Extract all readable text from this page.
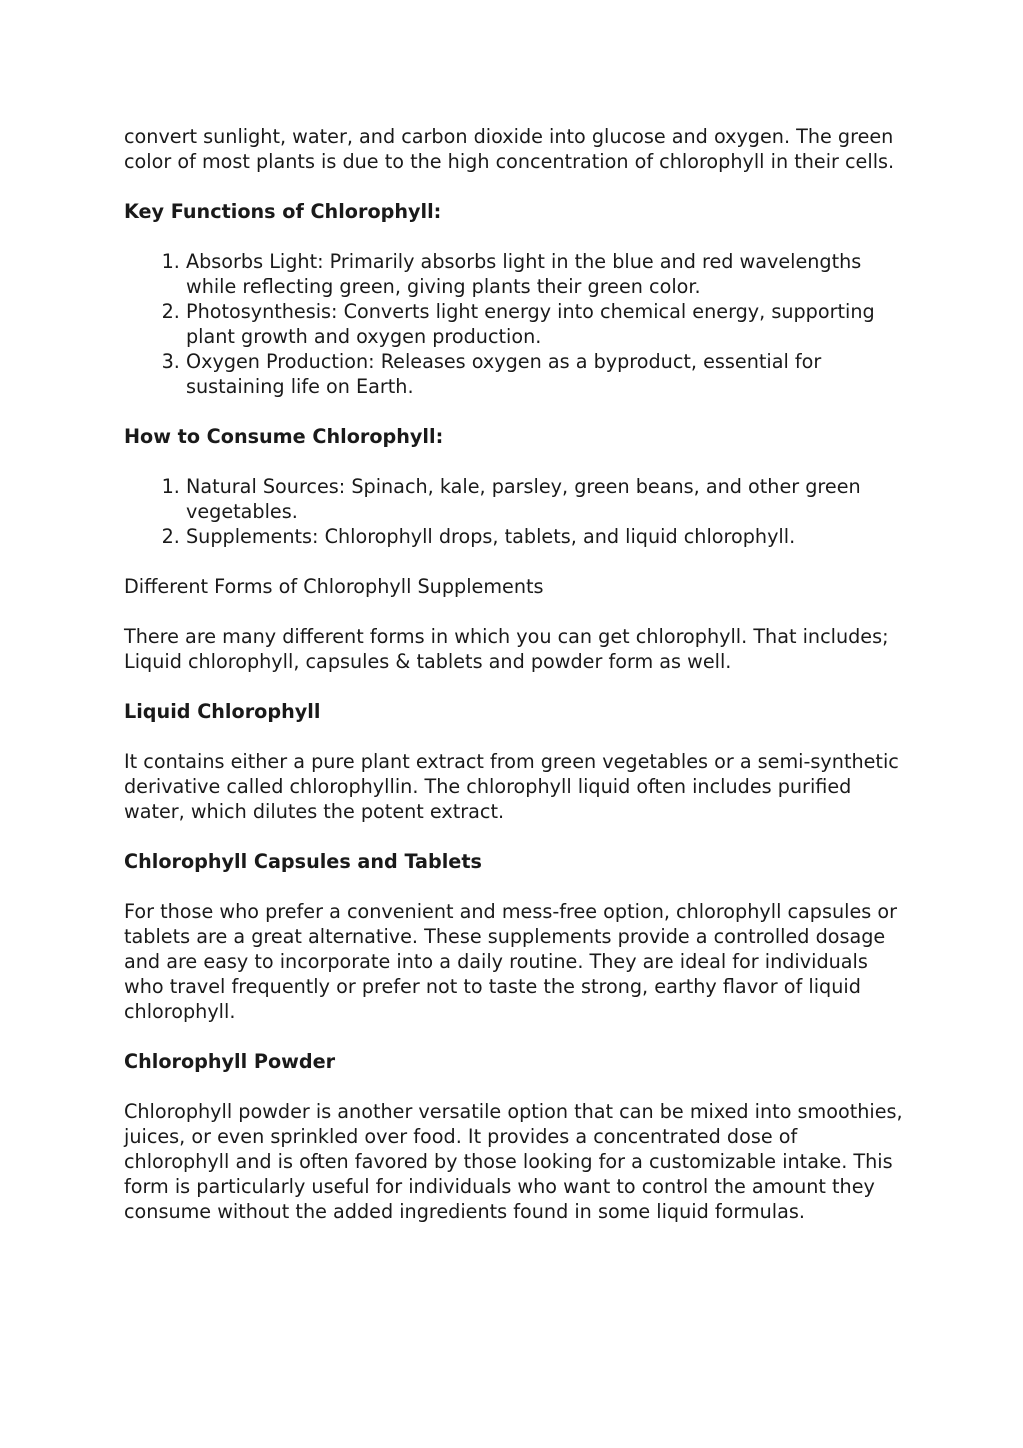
convert sunlight, water, and carbon dioxide into glucose and oxygen. The green color of most plants is due to the high concentration of chlorophyll in their cells.

Key Functions of Chlorophyll:
1. Absorbs Light: Primarily absorbs light in the blue and red wavelengths while reflecting green, giving plants their green color.
2. Photosynthesis: Converts light energy into chemical energy, supporting plant growth and oxygen production.
3. Oxygen Production: Releases oxygen as a byproduct, essential for sustaining life on Earth.
How to Consume Chlorophyll:
1. Natural Sources: Spinach, kale, parsley, green beans, and other green vegetables.
2. Supplements: Chlorophyll drops, tablets, and liquid chlorophyll.

Different Forms of Chlorophyll Supplements

There are many different forms in which you can get chlorophyll. That includes; Liquid chlorophyll, capsules & tablets and powder form as well.

Liquid Chlorophyll

It contains either a pure plant extract from green vegetables or a semi-synthetic derivative called chlorophyllin. The chlorophyll liquid often includes purified water, which dilutes the potent extract.

Chlorophyll Capsules and Tablets

For those who prefer a convenient and mess-free option, chlorophyll capsules or tablets are a great alternative. These supplements provide a controlled dosage and are easy to incorporate into a daily routine. They are ideal for individuals who travel frequently or prefer not to taste the strong, earthy flavor of liquid chlorophyll.

Chlorophyll Powder

Chlorophyll powder is another versatile option that can be mixed into smoothies, juices, or even sprinkled over food. It provides a concentrated dose of chlorophyll and is often favored by those looking for a customizable intake. This form is particularly useful for individuals who want to control the amount they consume without the added ingredients found in some liquid formulas.
